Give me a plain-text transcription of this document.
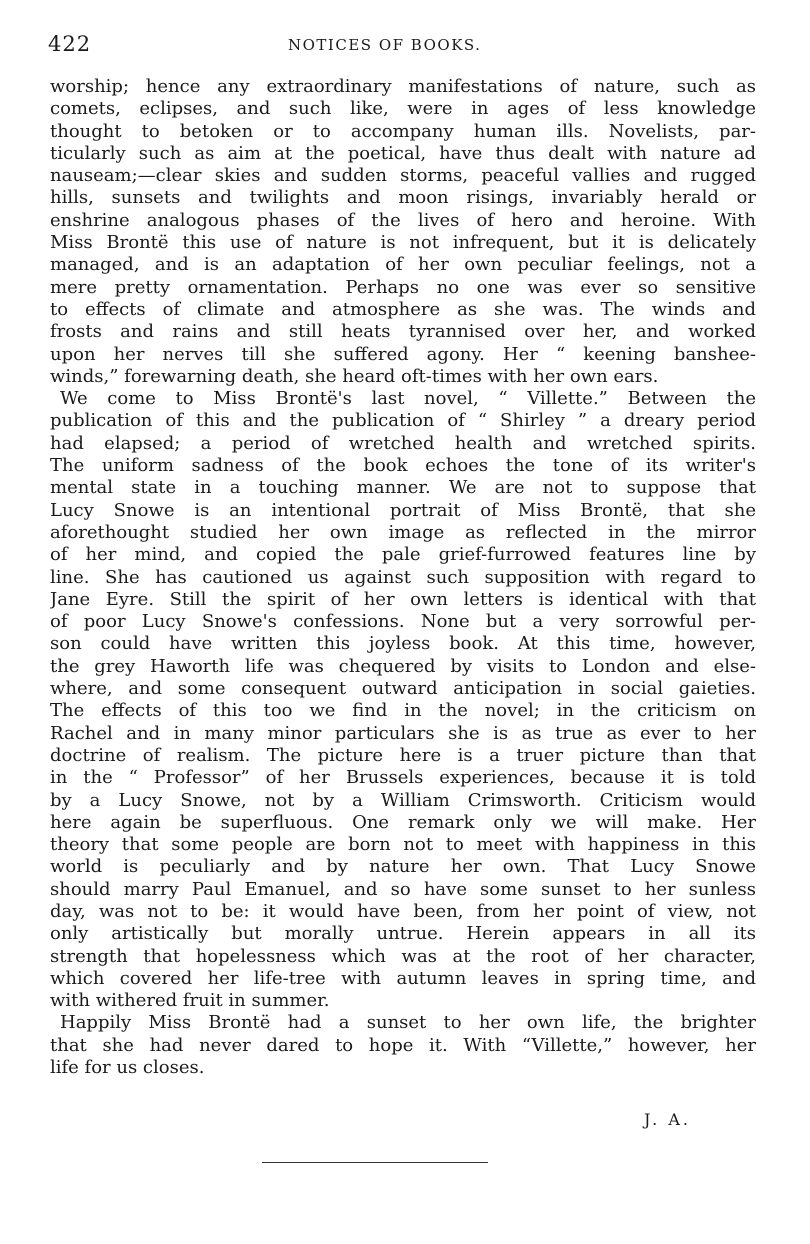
422	NOTICES OF BOOKS.
worship; hence any extraordinary manifestations of nature, such as
comets, eclipses, and such like, were in ages of less knowledge
thought to betoken or to accompany human ills. Novelists, par-
ticularly such as aim at the poetical, have thus dealt with nature ad
nauseam;—clear skies and sudden storms, peaceful vallies and rugged
hills, sunsets and twilights and moon risings, invariably herald or
enshrine analogous phases of the lives of hero and heroine. With
Miss Brontë this use of nature is not infrequent, but it is delicately
managed, and is an adaptation of her own peculiar feelings, not a
mere pretty ornamentation. Perhaps no one was ever so sensitive
to effects of climate and atmosphere as she was. The winds and
frosts and rains and still heats tyrannised over her, and worked
upon her nerves till she suffered agony. Her “ keening banshee-
winds,” forewarning death, she heard oft-times with her own ears.
We come to Miss Brontë's last novel, “ Villette.” Between the
publication of this and the publication of “ Shirley ” a dreary period
had elapsed; a period of wretched health and wretched spirits.
The uniform sadness of the book echoes the tone of its writer's
mental state in a touching manner. We are not to suppose that
Lucy Snowe is an intentional portrait of Miss Brontë, that she
aforethought studied her own image as reflected in the mirror
of her mind, and copied the pale grief-furrowed features line by
line. She has cautioned us against such supposition with regard to
Jane Eyre. Still the spirit of her own letters is identical with that
of poor Lucy Snowe's confessions. None but a very sorrowful per-
son could have written this joyless book. At this time, however,
the grey Haworth life was chequered by visits to London and else-
where, and some consequent outward anticipation in social gaieties.
The effects of this too we find in the novel; in the criticism on
Rachel and in many minor particulars she is as true as ever to her
doctrine of realism. The picture here is a truer picture than that
in the “ Professor” of her Brussels experiences, because it is told
by a Lucy Snowe, not by a William Crimsworth. Criticism would
here again be superfluous. One remark only we will make. Her
theory that some people are born not to meet with happiness in this
world is peculiarly and by nature her own. That Lucy Snowe
should marry Paul Emanuel, and so have some sunset to her sunless
day, was not to be: it would have been, from her point of view, not
only artistically but morally untrue. Herein appears in all its
strength that hopelessness which was at the root of her character,
which covered her life-tree with autumn leaves in spring time, and
with withered fruit in summer.
Happily Miss Brontë had a sunset to her own life, the brighter
that she had never dared to hope it. With “Villette,” however, her
life for us closes.
J. A.
